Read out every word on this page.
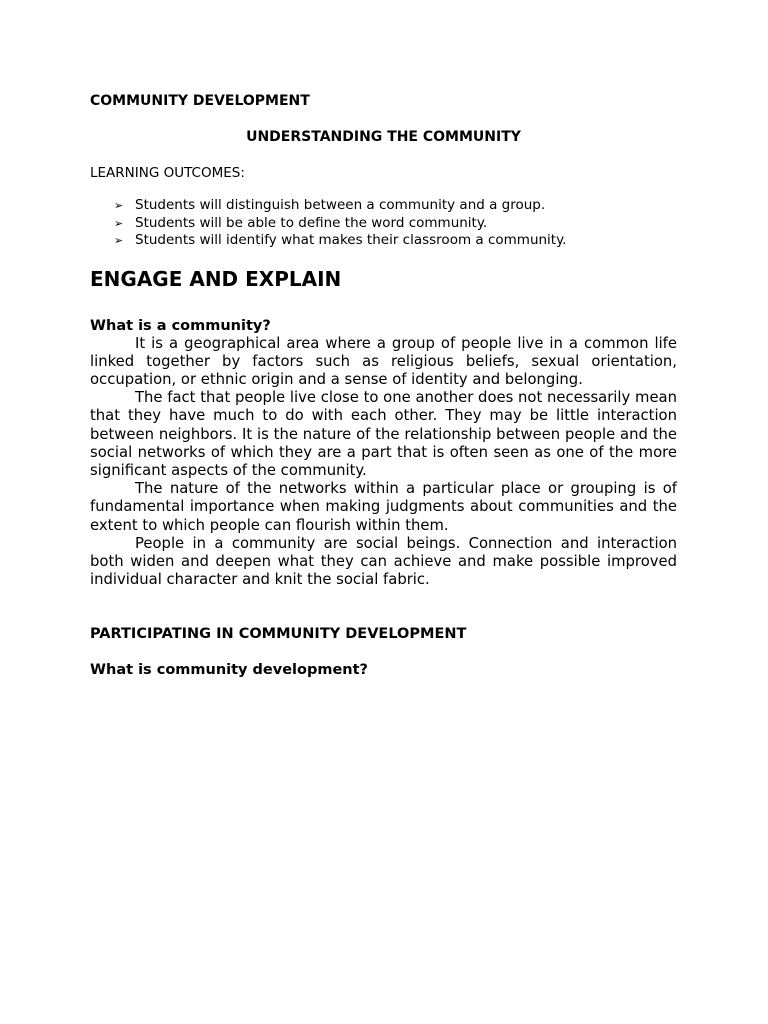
COMMUNITY DEVELOPMENT

UNDERSTANDING THE COMMUNITY

LEARNING OUTCOMES:

➢ Students will distinguish between a community and a group.
➢ Students will be able to define the word community.
➢ Students will identify what makes their classroom a community.
ENGAGE AND EXPLAIN

What is a community?

It is a geographical area where a group of people live in a common life linked together by factors such as religious beliefs, sexual orientation, occupation, or ethnic origin and a sense of identity and belonging.

The fact that people live close to one another does not necessarily mean that they have much to do with each other. They may be little interaction between neighbors. It is the nature of the relationship between people and the social networks of which they are a part that is often seen as one of the more significant aspects of the community.

The nature of the networks within a particular place or grouping is of fundamental importance when making judgments about communities and the extent to which people can flourish within them.

People in a community are social beings. Connection and interaction both widen and deepen what they can achieve and make possible improved individual character and knit the social fabric.

PARTICIPATING IN COMMUNITY DEVELOPMENT

What is community development?
